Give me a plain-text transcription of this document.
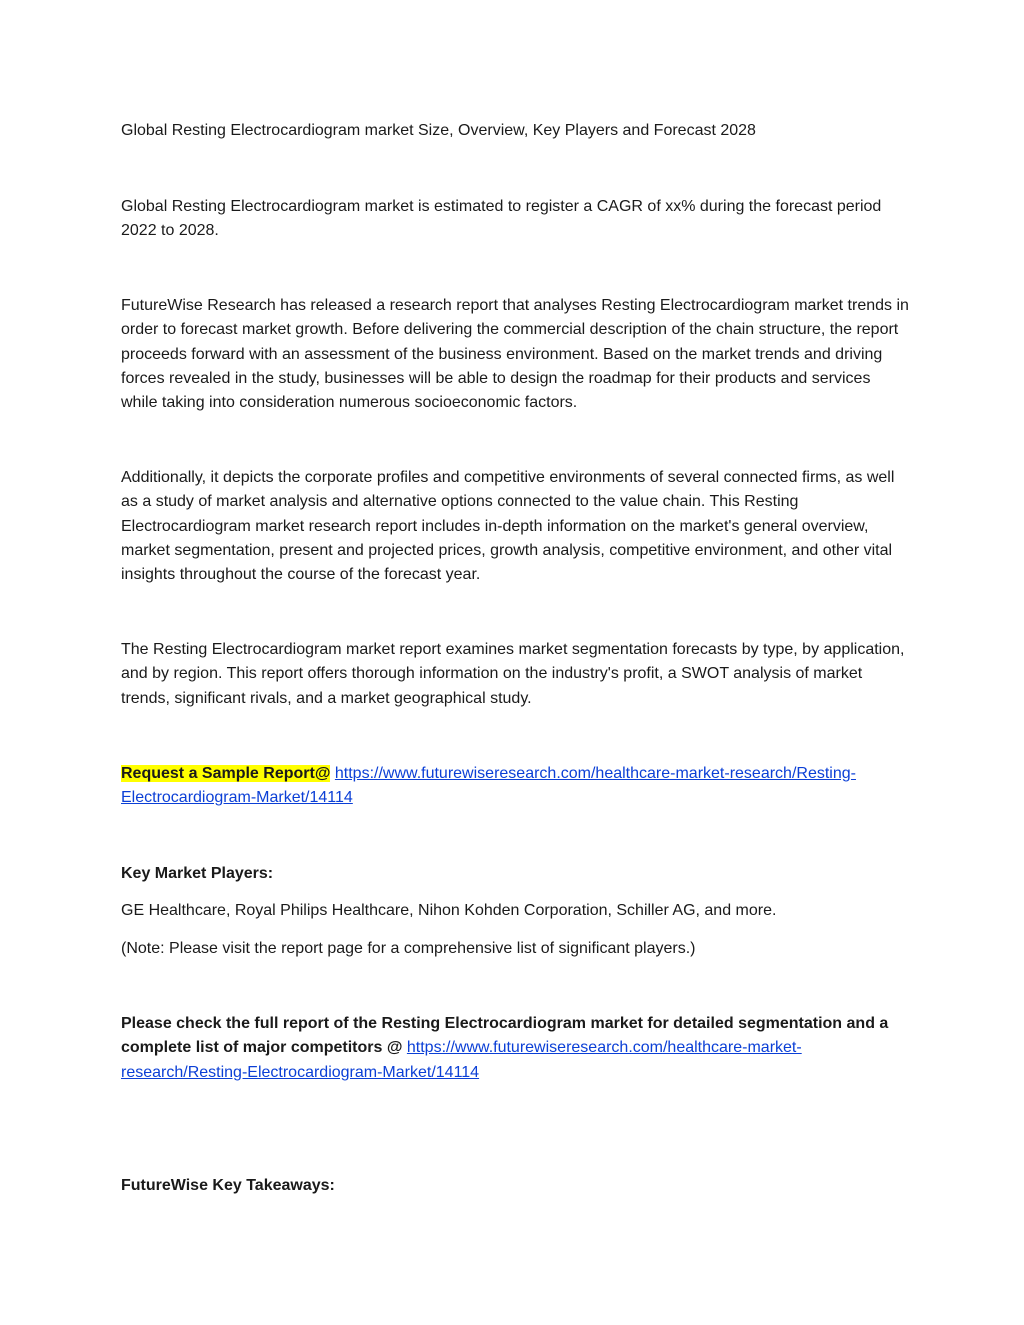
Global Resting Electrocardiogram market Size, Overview, Key Players and Forecast 2028

Global Resting Electrocardiogram market is estimated to register a CAGR of xx% during the forecast period 2022 to 2028.

FutureWise Research has released a research report that analyses Resting Electrocardiogram market trends in order to forecast market growth. Before delivering the commercial description of the chain structure, the report proceeds forward with an assessment of the business environment. Based on the market trends and driving forces revealed in the study, businesses will be able to design the roadmap for their products and services while taking into consideration numerous socioeconomic factors.

Additionally, it depicts the corporate profiles and competitive environments of several connected firms, as well as a study of market analysis and alternative options connected to the value chain. This Resting Electrocardiogram market research report includes in-depth information on the market's general overview, market segmentation, present and projected prices, growth analysis, competitive environment, and other vital insights throughout the course of the forecast year.

The Resting Electrocardiogram market report examines market segmentation forecasts by type, by application, and by region. This report offers thorough information on the industry's profit, a SWOT analysis of market trends, significant rivals, and a market geographical study.

Request a Sample Report@ https://www.futurewiseresearch.com/healthcare-market-research/Resting-Electrocardiogram-Market/14114

Key Market Players:

GE Healthcare, Royal Philips Healthcare, Nihon Kohden Corporation, Schiller AG, and more.

(Note: Please visit the report page for a comprehensive list of significant players.)

Please check the full report of the Resting Electrocardiogram market for detailed segmentation and a complete list of major competitors @ https://www.futurewiseresearch.com/healthcare-market-research/Resting-Electrocardiogram-Market/14114

FutureWise Key Takeaways:
